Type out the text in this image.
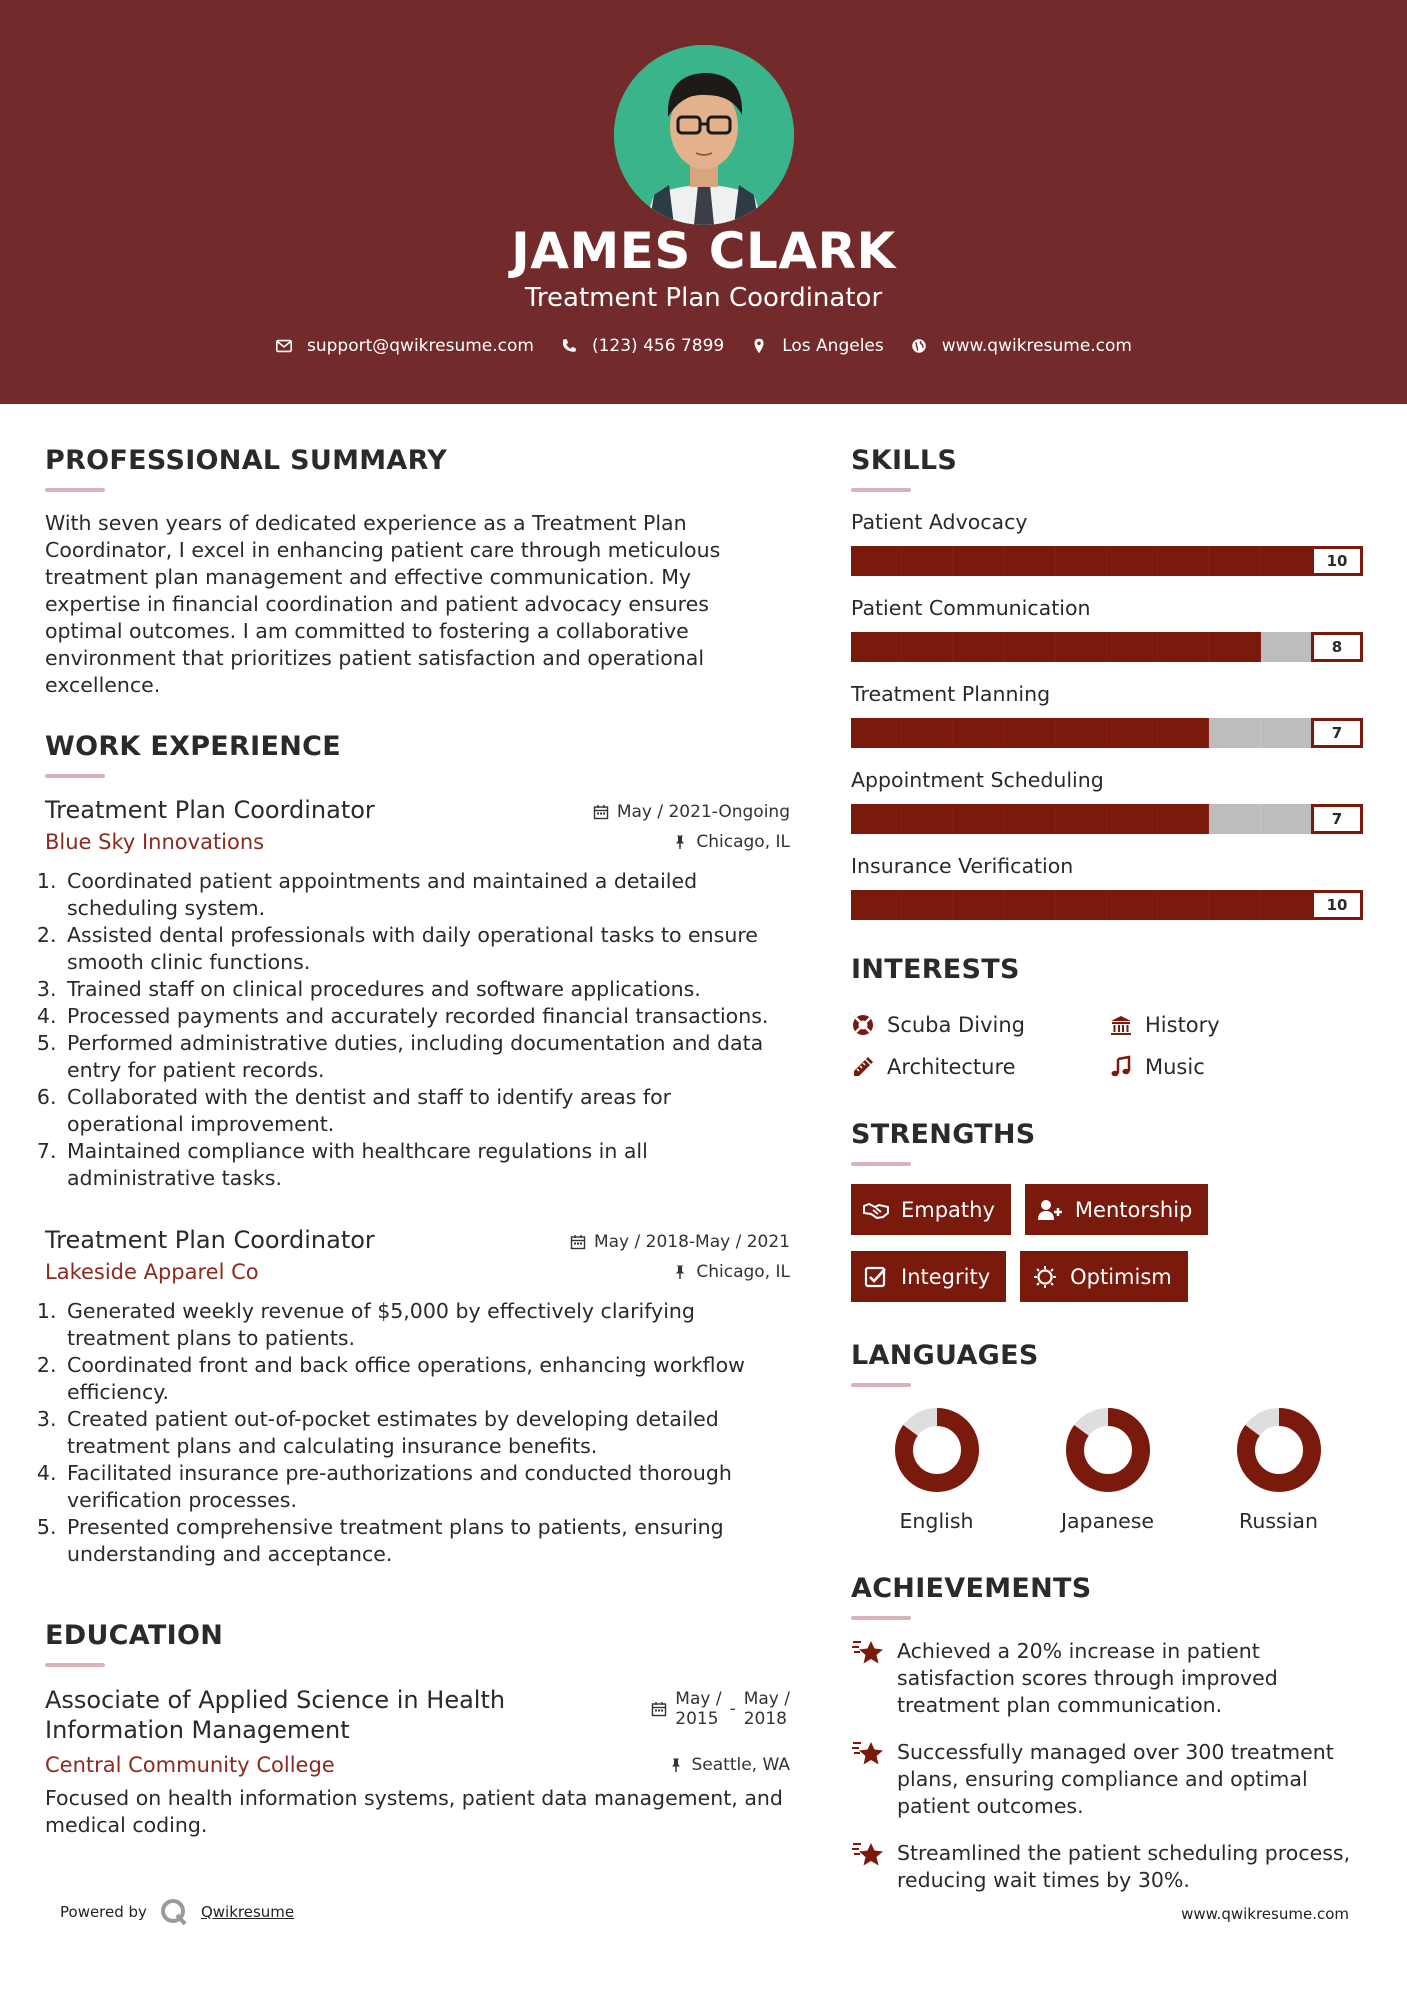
JAMES CLARK
Treatment Plan Coordinator
support@qwikresume.com	(123) 456 7899	Los Angeles	www.qwikresume.com
PROFESSIONAL SUMMARY
With seven years of dedicated experience as a Treatment Plan Coordinator, I excel in enhancing patient care through meticulous treatment plan management and effective communication. My expertise in financial coordination and patient advocacy ensures optimal outcomes. I am committed to fostering a collaborative environment that prioritizes patient satisfaction and operational excellence.
WORK EXPERIENCE
Treatment Plan Coordinator	May / 2021-Ongoing
Blue Sky Innovations	Chicago, IL
1. Coordinated patient appointments and maintained a detailed scheduling system.
2. Assisted dental professionals with daily operational tasks to ensure smooth clinic functions.
3. Trained staff on clinical procedures and software applications.
4. Processed payments and accurately recorded financial transactions.
5. Performed administrative duties, including documentation and data entry for patient records.
6. Collaborated with the dentist and staff to identify areas for operational improvement.
7. Maintained compliance with healthcare regulations in all administrative tasks.
Treatment Plan Coordinator	May / 2018-May / 2021
Lakeside Apparel Co	Chicago, IL
1. Generated weekly revenue of $5,000 by effectively clarifying treatment plans to patients.
2. Coordinated front and back office operations, enhancing workflow efficiency.
3. Created patient out-of-pocket estimates by developing detailed treatment plans and calculating insurance benefits.
4. Facilitated insurance pre-authorizations and conducted thorough verification processes.
5. Presented comprehensive treatment plans to patients, ensuring understanding and acceptance.
EDUCATION
Associate of Applied Science in Health
Information Management
May /
2015 - May /
2018
Central Community College	Seattle, WA
Focused on health information systems, patient data management, and medical coding.
SKILLS
Patient Advocacy
10
Patient Communication
8
Treatment Planning
7
Appointment Scheduling
7
Insurance Verification
10
INTERESTS
Scuba Diving	History
Architecture	Music
STRENGTHS
Empathy	Mentorship
Integrity	Optimism
LANGUAGES
English	Japanese	Russian
ACHIEVEMENTS
Achieved a 20% increase in patient
satisfaction scores through improved
treatment plan communication.
Successfully managed over 300 treatment
plans, ensuring compliance and optimal
patient outcomes.
Streamlined the patient scheduling process,
reducing wait times by 30%.
Powered by	Qwikresume	www.qwikresume.com
